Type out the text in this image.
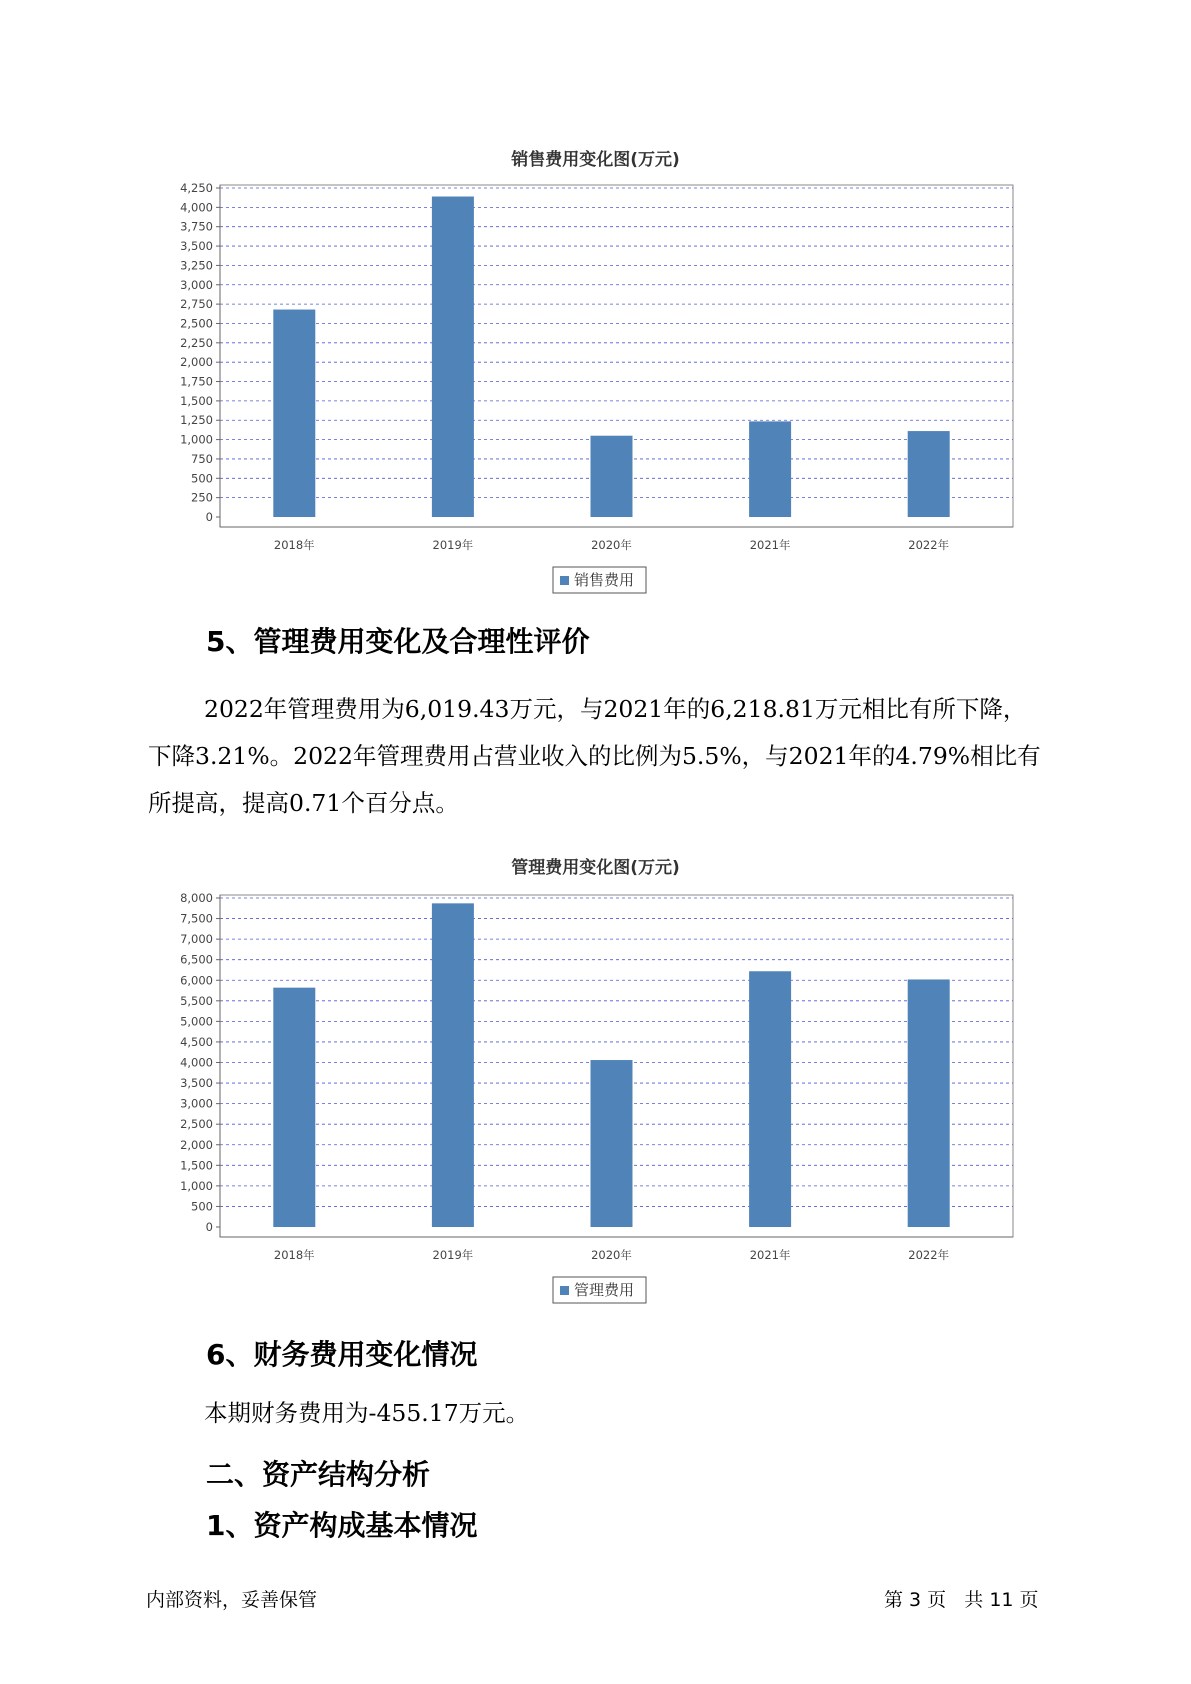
销售费用变化图(万元)
0
250
500
750
1,000
1,250
1,500
1,750
2,000
2,250
2,500
2,750
3,000
3,250
3,500
3,750
4,000
4,250
2018年	2019年	2020年	2021年	2022年
销售费用
5、管理费用变化及合理性评价

2022年管理费用为6,019.43万元，与2021年的6,218.81万元相比有所下降，下降3.21%。2022年管理费用占营业收入的比例为5.5%，与2021年的4.79%相比有所提高，提高0.71个百分点。

管理费用变化图(万元)
0
500
1,000
1,500
2,000
2,500
3,000
3,500
4,000
4,500
5,000
5,500
6,000
6,500
7,000
7,500
8,000
2018年	2019年	2020年	2021年	2022年
管理费用
6、财务费用变化情况

本期财务费用为-455.17万元。

二、资产结构分析
1、资产构成基本情况
内部资料，妥善保管	第 3 页   共 11 页
